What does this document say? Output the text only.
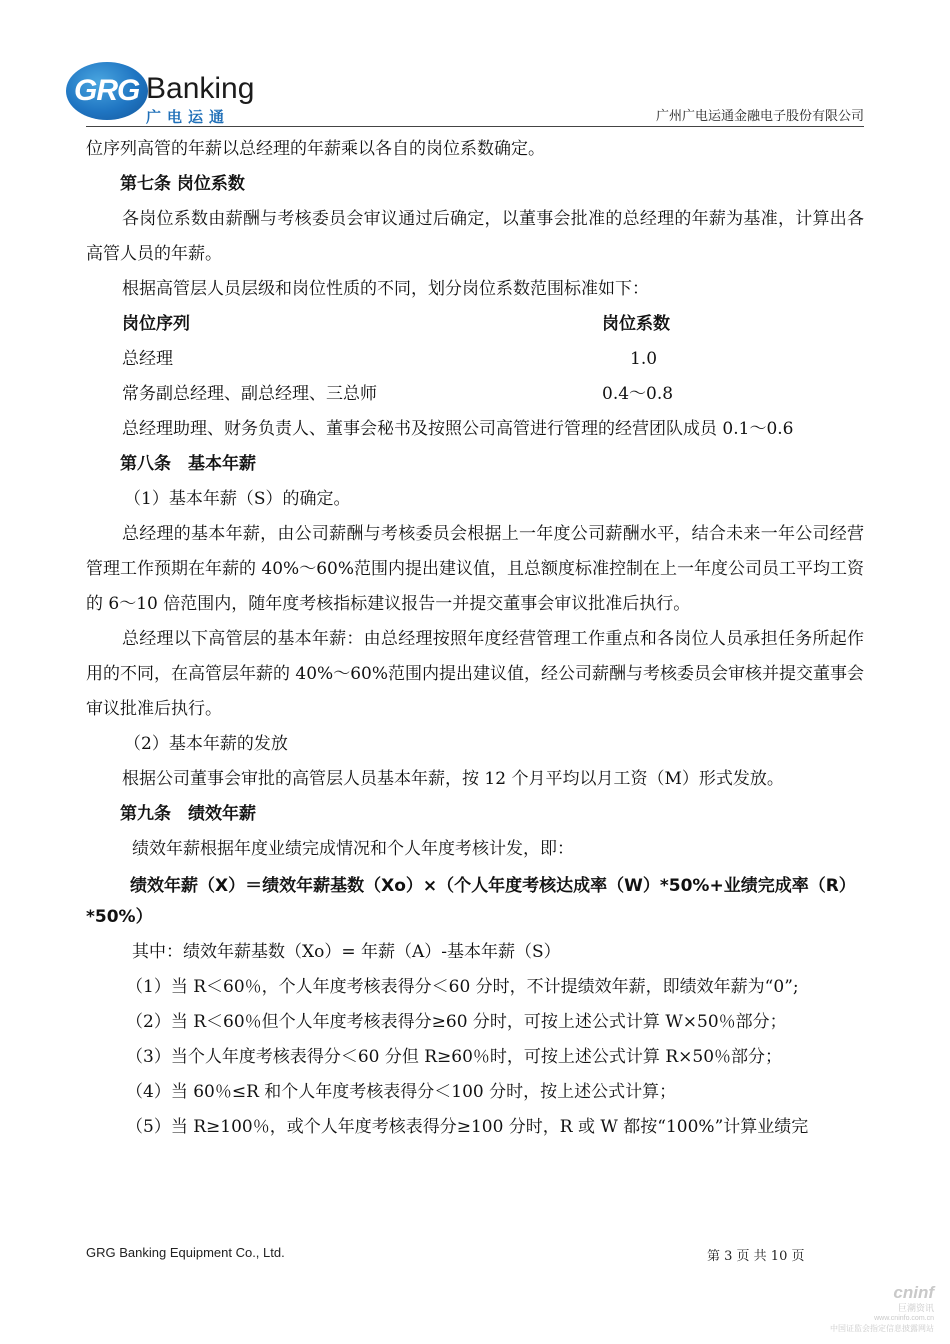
GRG Banking
广电运通	广州广电运通金融电子股份有限公司

位序列高管的年薪以总经理的年薪乘以各自的岗位系数确定。

第七条 岗位系数

各岗位系数由薪酬与考核委员会审议通过后确定，以董事会批准的总经理的年薪为基准，计算出各高管人员的年薪。

根据高管层人员层级和岗位性质的不同，划分岗位系数范围标准如下：

岗位序列	岗位系数
总经理	1.0
常务副总经理、副总经理、三总师	0.4～0.8

总经理助理、财务负责人、董事会秘书及按照公司高管进行管理的经营团队成员 0.1～0.6

第八条　基本年薪

（1）基本年薪（S）的确定。

总经理的基本年薪，由公司薪酬与考核委员会根据上一年度公司薪酬水平，结合未来一年公司经营管理工作预期在年薪的 40%～60%范围内提出建议值，且总额度标准控制在上一年度公司员工平均工资的 6～10 倍范围内，随年度考核指标建议报告一并提交董事会审议批准后执行。

总经理以下高管层的基本年薪：由总经理按照年度经营管理工作重点和各岗位人员承担任务所起作用的不同，在高管层年薪的 40%～60%范围内提出建议值，经公司薪酬与考核委员会审核并提交董事会审议批准后执行。

（2）基本年薪的发放

根据公司董事会审批的高管层人员基本年薪，按 12 个月平均以月工资（M）形式发放。

第九条　绩效年薪

绩效年薪根据年度业绩完成情况和个人年度考核计发，即：

绩效年薪（X）＝绩效年薪基数（Xo）×（个人年度考核达成率（W）*50%+业绩完成率（R）

*50%）

其中：绩效年薪基数（Xo）= 年薪（A）-基本年薪（S）

（1）当 R＜60％，个人年度考核表得分＜60 分时，不计提绩效年薪，即绩效年薪为“0”;

（2）当 R＜60％但个人年度考核表得分≥60 分时，可按上述公式计算 W×50％部分；

（3）当个人年度考核表得分＜60 分但 R≥60％时，可按上述公式计算 R×50％部分；

（4）当 60％≤R 和个人年度考核表得分＜100 分时，按上述公式计算；

（5）当 R≥100％，或个人年度考核表得分≥100 分时，R 或 W 都按“100%”计算业绩完

GRG Banking Equipment Co., Ltd.	第 3 页 共 10 页
cninf
巨潮资讯
www.cninfo.com.cn
中国证监会指定信息披露网站
